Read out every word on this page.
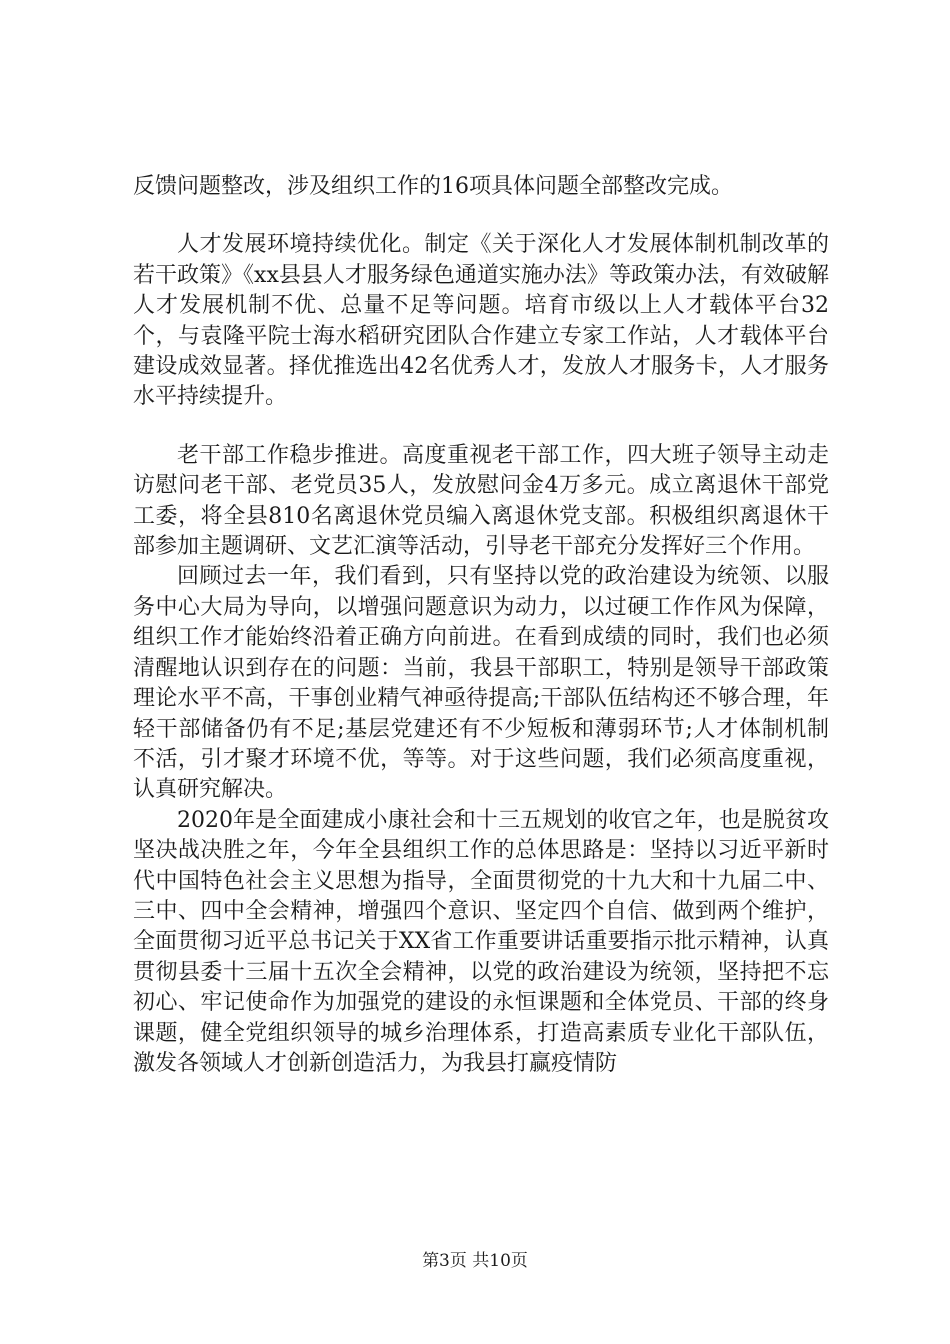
反馈问题整改，涉及组织工作的16项具体问题全部整改完成。

人才发展环境持续优化。制定《关于深化人才发展体制机制改革的若干政策》《xx县县人才服务绿色通道实施办法》等政策办法，有效破解人才发展机制不优、总量不足等问题。培育市级以上人才载体平台32个，与袁隆平院士海水稻研究团队合作建立专家工作站，人才载体平台建设成效显著。择优推选出42名优秀人才，发放人才服务卡，人才服务水平持续提升。

老干部工作稳步推进。高度重视老干部工作，四大班子领导主动走访慰问老干部、老党员35人，发放慰问金4万多元。成立离退休干部党工委，将全县810名离退休党员编入离退休党支部。积极组织离退休干部参加主题调研、文艺汇演等活动，引导老干部充分发挥好三个作用。

回顾过去一年，我们看到，只有坚持以党的政治建设为统领、以服务中心大局为导向，以增强问题意识为动力，以过硬工作作风为保障，组织工作才能始终沿着正确方向前进。在看到成绩的同时，我们也必须清醒地认识到存在的问题：当前，我县干部职工，特别是领导干部政策理论水平不高，干事创业精气神亟待提高;干部队伍结构还不够合理，年轻干部储备仍有不足;基层党建还有不少短板和薄弱环节;人才体制机制不活，引才聚才环境不优，等等。对于这些问题，我们必须高度重视，认真研究解决。

2020年是全面建成小康社会和十三五规划的收官之年，也是脱贫攻坚决战决胜之年，今年全县组织工作的总体思路是：坚持以习近平新时代中国特色社会主义思想为指导，全面贯彻党的十九大和十九届二中、三中、四中全会精神，增强四个意识、坚定四个自信、做到两个维护，全面贯彻习近平总书记关于XX省工作重要讲话重要指示批示精神，认真贯彻县委十三届十五次全会精神，以党的政治建设为统领，坚持把不忘初心、牢记使命作为加强党的建设的永恒课题和全体党员、干部的终身课题，健全党组织领导的城乡治理体系，打造高素质专业化干部队伍，激发各领域人才创新创造活力，为我县打赢疫情防

第3页 共10页
